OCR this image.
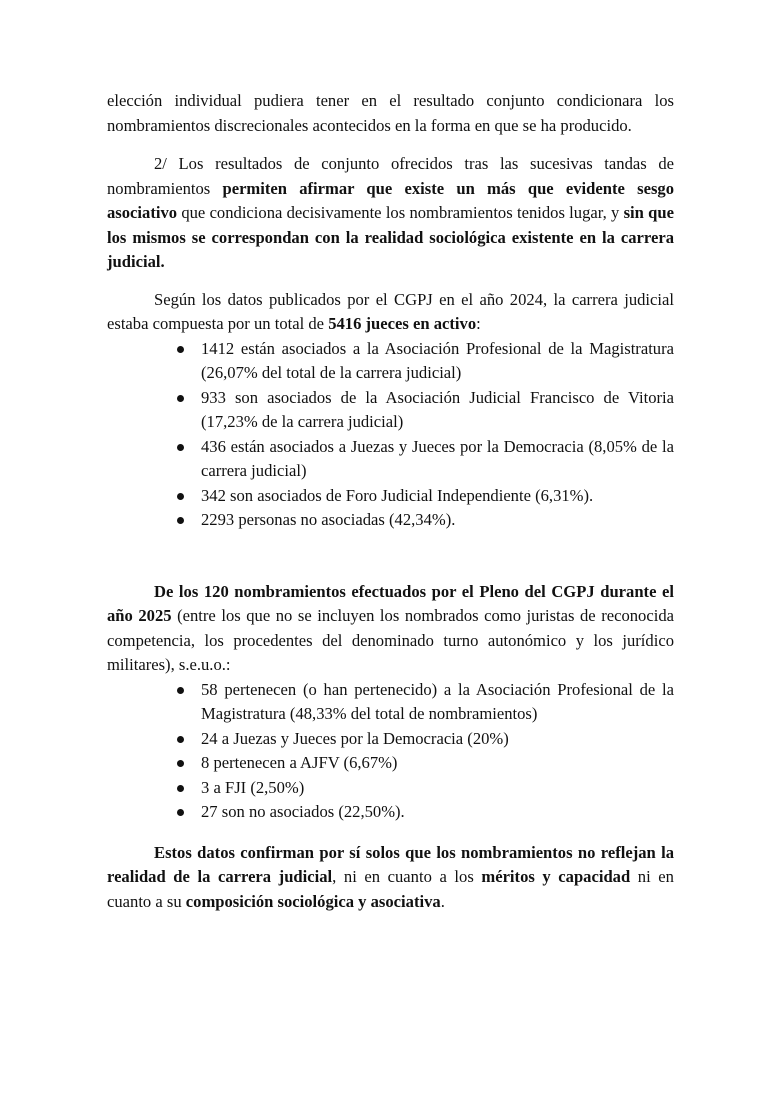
elección individual pudiera tener en el resultado conjunto condicionara los nombramientos discrecionales acontecidos en la forma en que se ha producido.

2/ Los resultados de conjunto ofrecidos tras las sucesivas tandas de nombramientos permiten afirmar que existe un más que evidente sesgo asociativo que condiciona decisivamente los nombramientos tenidos lugar, y sin que los mismos se correspondan con la realidad sociológica existente en la carrera judicial.

Según los datos publicados por el CGPJ en el año 2024, la carrera judicial estaba compuesta por un total de 5416 jueces en activo:

1412 están asociados a la Asociación Profesional de la Magistratura (26,07% del total de la carrera judicial)
933 son asociados de la Asociación Judicial Francisco de Vitoria (17,23% de la carrera judicial)
436 están asociados a Juezas y Jueces por la Democracia (8,05% de la carrera judicial)
342 son asociados de Foro Judicial Independiente (6,31%).
2293 personas no asociadas (42,34%).

De los 120 nombramientos efectuados por el Pleno del CGPJ durante el año 2025 (entre los que no se incluyen los nombrados como juristas de reconocida competencia, los procedentes del denominado turno autonómico y los jurídico militares), s.e.u.o.:

58 pertenecen (o han pertenecido) a la Asociación Profesional de la Magistratura (48,33% del total de nombramientos)
24 a Juezas y Jueces por la Democracia (20%)
8 pertenecen a AJFV (6,67%)
3 a FJI (2,50%)
27 son no asociados (22,50%).

Estos datos confirman por sí solos que los nombramientos no reflejan la realidad de la carrera judicial, ni en cuanto a los méritos y capacidad ni en cuanto a su composición sociológica y asociativa.
